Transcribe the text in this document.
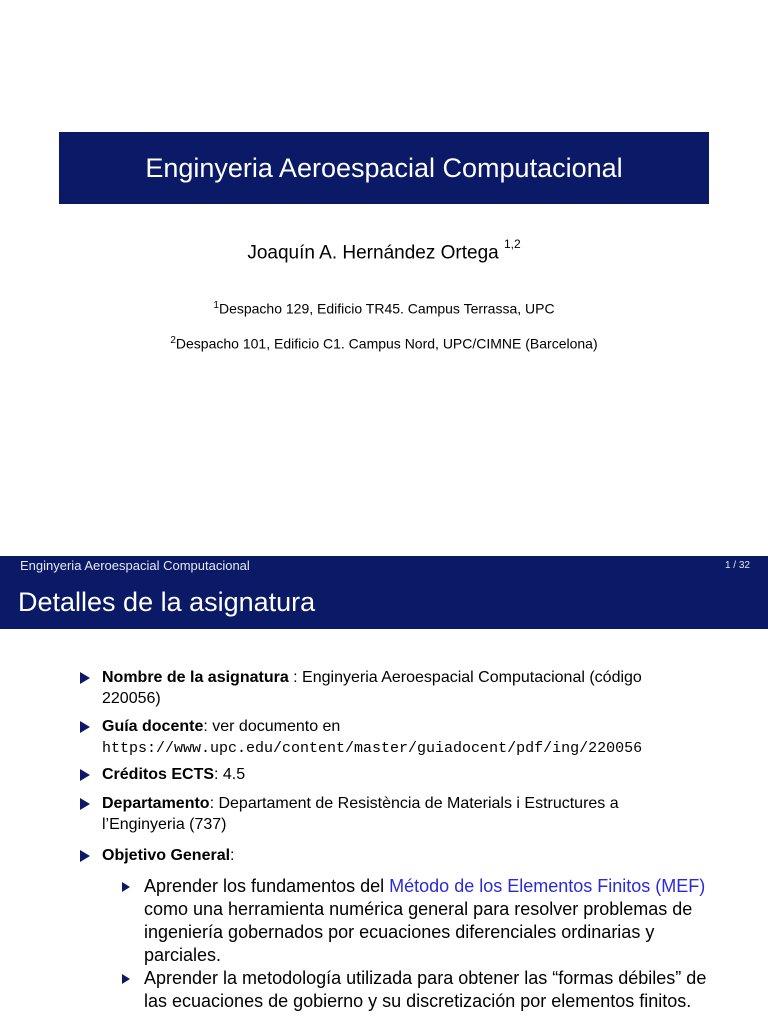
Enginyeria Aeroespacial Computacional
Joaquín A. Hernández Ortega $^{1,2}$
$^1$Despacho 129, Edificio TR45. Campus Terrassa, UPC
$^2$Despacho 101, Edificio C1. Campus Nord, UPC/CIMNE (Barcelona)
Enginyeria Aeroespacial Computacional	1 / 32
Detalles de la asignatura
Nombre de la asignatura : Enginyeria Aeroespacial Computacional (código 220056)
Guía docente: ver documento en
https://www.upc.edu/content/master/guiadocent/pdf/ing/220056
Créditos ECTS: 4.5
Departamento: Departament de Resistència de Materials i Estructures a l’Enginyeria (737)
Objetivo General:
Aprender los fundamentos del Método de los Elementos Finitos (MEF) como una herramienta numérica general para resolver problemas de ingeniería gobernados por ecuaciones diferenciales ordinarias y parciales.
Aprender la metodología utilizada para obtener las “formas débiles” de las ecuaciones de gobierno y su discretización por elementos finitos.
